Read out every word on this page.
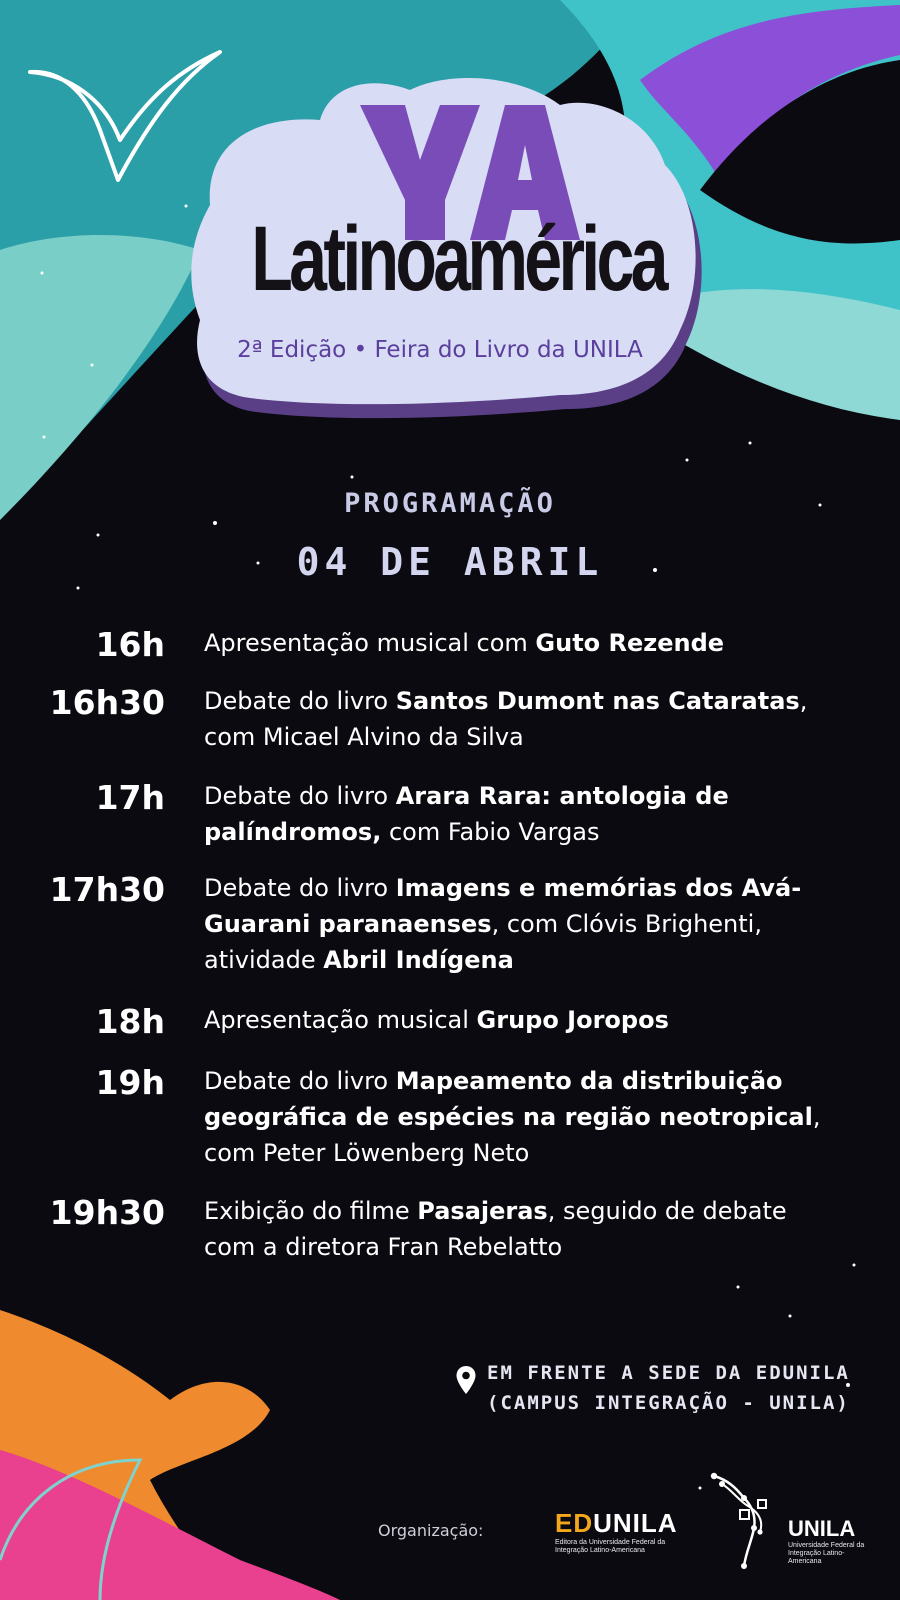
Latinoamérica
2ª Edição • Feira do Livro da UNILA
PROGRAMAÇÃO
04 DE ABRIL
16h Apresentação musical com Guto Rezende
16h30 Debate do livro Santos Dumont nas Cataratas, com Micael Alvino da Silva
17h Debate do livro Arara Rara: antologia de palíndromos, com Fabio Vargas
17h30 Debate do livro Imagens e memórias dos Avá-Guarani paranaenses, com Clóvis Brighenti, atividade Abril Indígena
18h Apresentação musical Grupo Joropos
19h Debate do livro Mapeamento da distribuição geográfica de espécies na região neotropical, com Peter Löwenberg Neto
19h30 Exibição do filme Pasajeras, seguido de debate com a diretora Fran Rebelatto
EM FRENTE A SEDE DA EDUNILA
(CAMPUS INTEGRAÇÃO - UNILA)
Organização:	EDUNILA
Editora da Universidade Federal da Integração Latino-Americana
UNILA
Universidade Federal da Integração Latino-Americana
